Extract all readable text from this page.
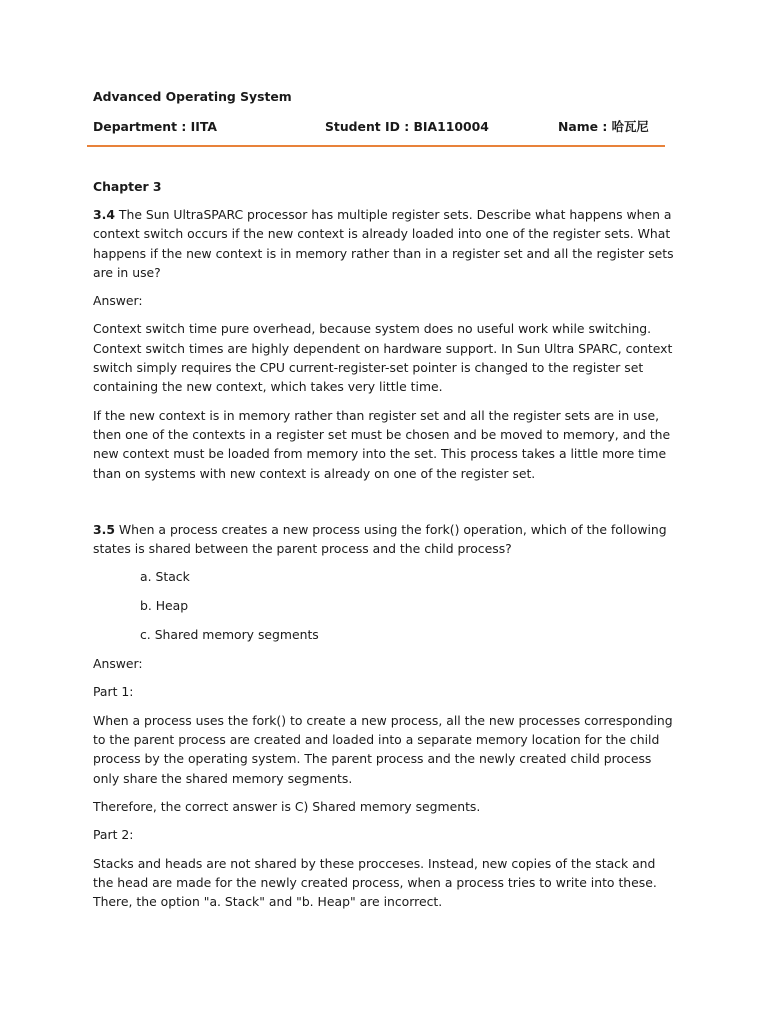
Advanced Operating System

Department : IITA	Student ID : BIA110004	Name : 哈瓦尼

Chapter 3

3.4 The Sun UltraSPARC processor has multiple register sets. Describe what happens when a context switch occurs if the new context is already loaded into one of the register sets. What happens if the new context is in memory rather than in a register set and all the register sets are in use?

Answer:

Context switch time pure overhead, because system does no useful work while switching. Context switch times are highly dependent on hardware support. In Sun Ultra SPARC, context switch simply requires the CPU current-register-set pointer is changed to the register set containing the new context, which takes very little time.

If the new context is in memory rather than register set and all the register sets are in use, then one of the contexts in a register set must be chosen and be moved to memory, and the new context must be loaded from memory into the set. This process takes a little more time than on systems with new context is already on one of the register set.

3.5 When a process creates a new process using the fork() operation, which of the following states is shared between the parent process and the child process?

a. Stack

b. Heap

c. Shared memory segments

Answer:

Part 1:

When a process uses the fork() to create a new process, all the new processes corresponding to the parent process are created and loaded into a separate memory location for the child process by the operating system. The parent process and the newly created child process only share the shared memory segments.

Therefore, the correct answer is C) Shared memory segments.

Part 2:

Stacks and heads are not shared by these procceses. Instead, new copies of the stack and the head are made for the newly created process, when a process tries to write into these. There, the option "a. Stack" and "b. Heap" are incorrect.
